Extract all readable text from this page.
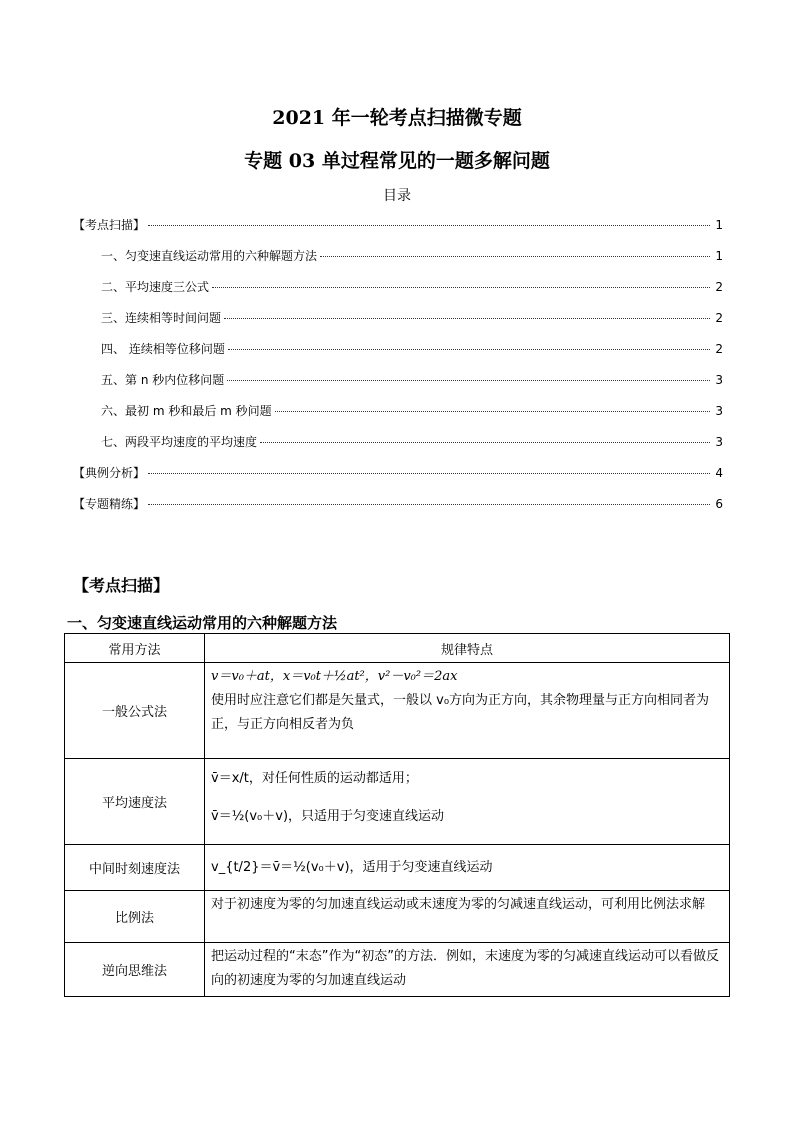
2021 年一轮考点扫描微专题
专题 03 单过程常见的一题多解问题
目录
【考点扫描】	1
一、匀变速直线运动常用的六种解题方法	1
二、平均速度三公式	2
三、连续相等时间问题	2
四、 连续相等位移问题	2
五、第 n 秒内位移问题	3
六、最初 m 秒和最后 m 秒问题	3
七、两段平均速度的平均速度	3
【典例分析】	4
【专题精练】	6
【考点扫描】
一、匀变速直线运动常用的六种解题方法
常用方法	规律特点
一般公式法	v＝v₀＋at，x＝v₀t＋½at²，v²－v₀²＝2ax
使用时应注意它们都是矢量式，一般以 v₀方向为正方向，其余物理量与正方向相同者为正，与正方向相反者为负

平均速度法	v̄＝x/t，对任何性质的运动都适用；
v̄＝½(v₀＋v)，只适用于匀变速直线运动

中间时刻速度法	v_{t/2}＝v̄＝½(v₀＋v)，适用于匀变速直线运动
比例法	对于初速度为零的匀加速直线运动或末速度为零的匀减速直线运动，可利用比例法求解
逆向思维法	把运动过程的“末态”作为“初态”的方法．例如，末速度为零的匀减速直线运动可以看做反向的初速度为零的匀加速直线运动
